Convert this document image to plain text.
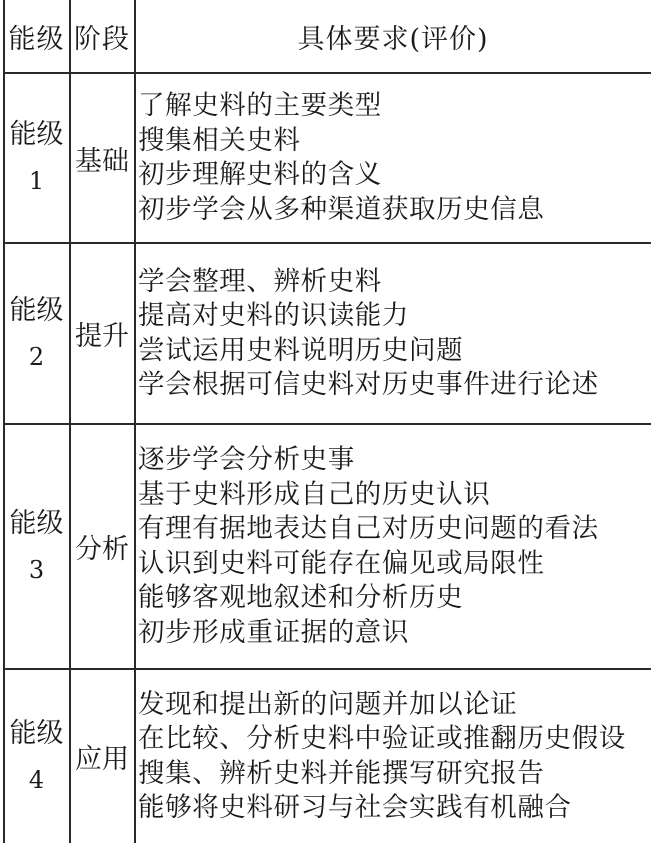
能级 阶段	具体要求(评价)
能级
1
基础
了解史料的主要类型
搜集相关史料
初步理解史料的含义
初步学会从多种渠道获取历史信息
能级
2
提升
学会整理、辨析史料
提高对史料的识读能力
尝试运用史料说明历史问题
学会根据可信史料对历史事件进行论述
能级
3
分析
逐步学会分析史事
基于史料形成自己的历史认识
有理有据地表达自己对历史问题的看法
认识到史料可能存在偏见或局限性
能够客观地叙述和分析历史
初步形成重证据的意识
能级
4
应用
发现和提出新的问题并加以论证
在比较、分析史料中验证或推翻历史假设
搜集、辨析史料并能撰写研究报告
能够将史料研习与社会实践有机融合
